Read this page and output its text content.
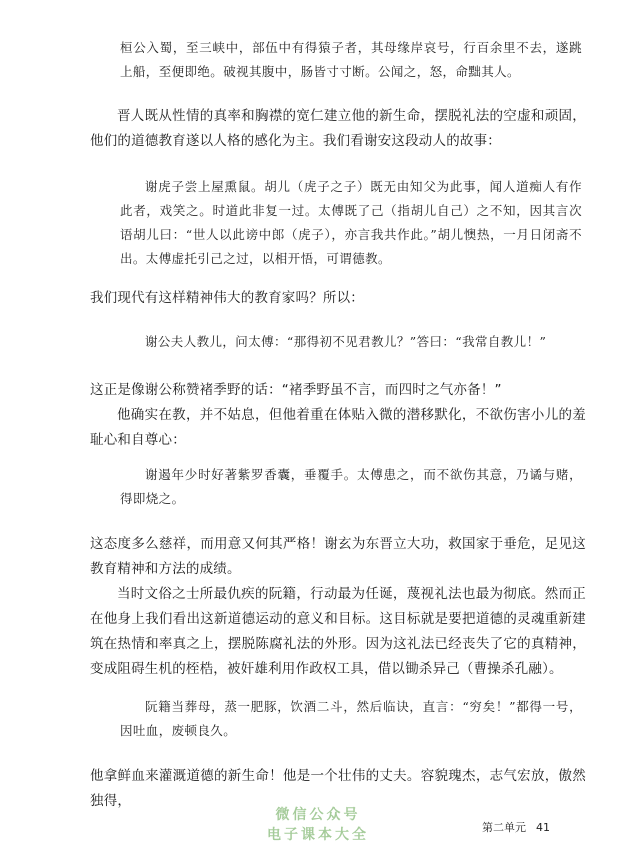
桓公入蜀，至三峡中，部伍中有得猿子者，其母缘岸哀号，行百余里不去，遂跳上船，至便即绝。破视其腹中，肠皆寸寸断。公闻之，怒，命黜其人。

晋人既从性情的真率和胸襟的宽仁建立他的新生命，摆脱礼法的空虚和顽固，他们的道德教育遂以人格的感化为主。我们看谢安这段动人的故事：

谢虎子尝上屋熏鼠。胡儿（虎子之子）既无由知父为此事，闻人道痴人有作此者，戏笑之。时道此非复一过。太傅既了己（指胡儿自己）之不知，因其言次语胡儿曰：“世人以此谤中郎（虎子），亦言我共作此。”胡儿懊热，一月日闭斋不出。太傅虚托引己之过，以相开悟，可谓德教。

我们现代有这样精神伟大的教育家吗？所以：

谢公夫人教儿，问太傅：“那得初不见君教儿？”答曰：“我常自教儿！”

这正是像谢公称赞褚季野的话：“褚季野虽不言，而四时之气亦备！”

他确实在教，并不姑息，但他着重在体贴入微的潜移默化，不欲伤害小儿的羞耻心和自尊心：

谢遏年少时好著紫罗香囊，垂覆手。太傅患之，而不欲伤其意，乃谲与赌，得即烧之。

这态度多么慈祥，而用意又何其严格！谢玄为东晋立大功，救国家于垂危，足见这教育精神和方法的成绩。

当时文俗之士所最仇疾的阮籍，行动最为任诞，蔑视礼法也最为彻底。然而正在他身上我们看出这新道德运动的意义和目标。这目标就是要把道德的灵魂重新建筑在热情和率真之上，摆脱陈腐礼法的外形。因为这礼法已经丧失了它的真精神，变成阻碍生机的桎梏，被奸雄利用作政权工具，借以锄杀异己（曹操杀孔融）。

阮籍当葬母，蒸一肥豚，饮酒二斗，然后临诀，直言：“穷矣！”都得一号，因吐血，废顿良久。

他拿鲜血来灌溉道德的新生命！他是一个壮伟的丈夫。容貌瑰杰，志气宏放，傲然独得，

微信公众号
电子课本大全	第二单元 41
